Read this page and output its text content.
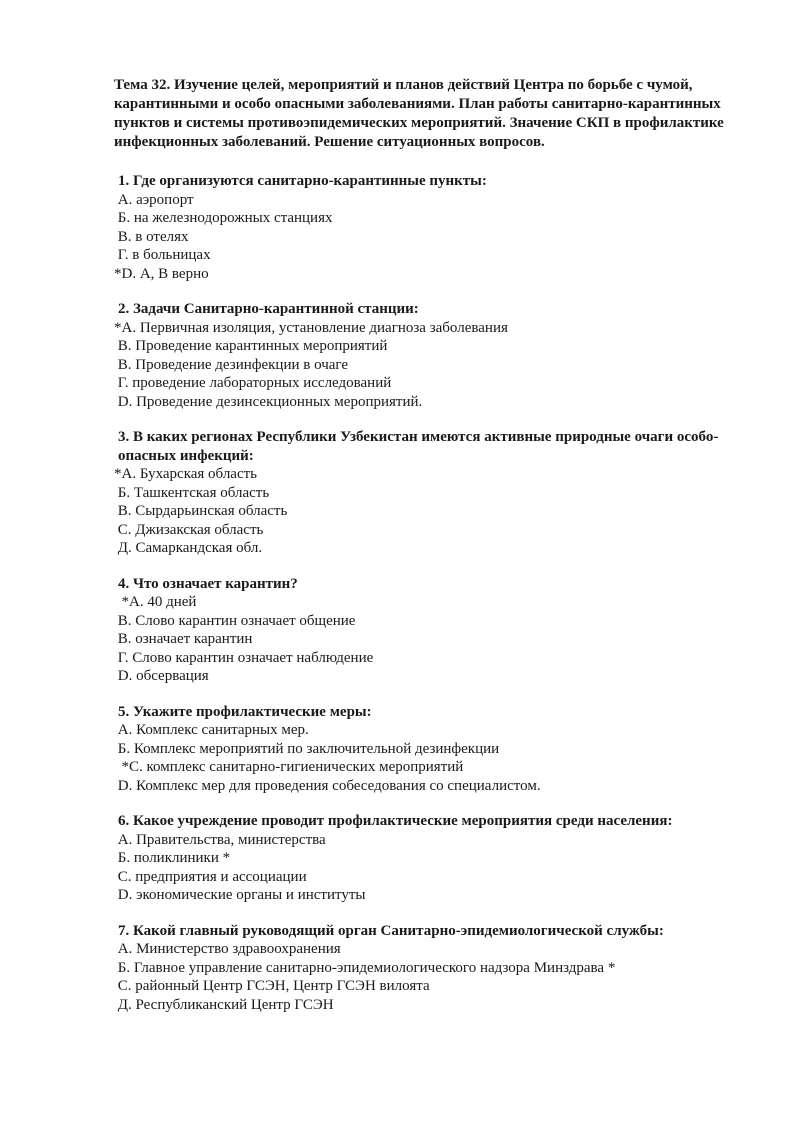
Тема 32. Изучение целей, мероприятий и планов действий Центра по борьбе с чумой, карантинными и особо опасными заболеваниями. План работы санитарно-карантинных пунктов и системы противоэпидемических мероприятий. Значение СКП в профилактике инфекционных заболеваний. Решение ситуационных вопросов.

1. Где организуются санитарно-карантинные пункты:

А. аэропорт
Б. на железнодорожных станциях
В. в отелях
Г. в больницах
*D. А, В верно

2. Задачи Санитарно-карантинной станции:

*А. Первичная изоляция, установление диагноза заболевания
В. Проведение карантинных мероприятий
В. Проведение дезинфекции в очаге
Г. проведение лабораторных исследований
D. Проведение дезинсекционных мероприятий.

3. В каких регионах Республики Узбекистан имеются активные природные очаги особо-опасных инфекций:

*А. Бухарская область
Б. Ташкентская область
В. Сырдарьинская область
С. Джизакская область
Д. Самаркандская обл.

4. Что означает карантин?

*А. 40 дней
В. Слово карантин означает общение
В. означает карантин
Г. Слово карантин означает наблюдение
D. обсервация

5. Укажите профилактические меры:

А. Комплекс санитарных мер.
Б. Комплекс мероприятий по заключительной дезинфекции
*С. комплекс санитарно-гигиенических мероприятий
D. Комплекс мер для проведения собеседования со специалистом.

6. Какое учреждение проводит профилактические мероприятия среди населения:

А. Правительства, министерства
Б. поликлиники *
С. предприятия и ассоциации
D. экономические органы и институты

7. Какой главный руководящий орган Санитарно-эпидемиологической службы:

А. Министерство здравоохранения
Б. Главное управление санитарно-эпидемиологического надзора Минздрава *
С. районный Центр ГСЭН, Центр ГСЭН вилоята
Д. Республиканский Центр ГСЭН
